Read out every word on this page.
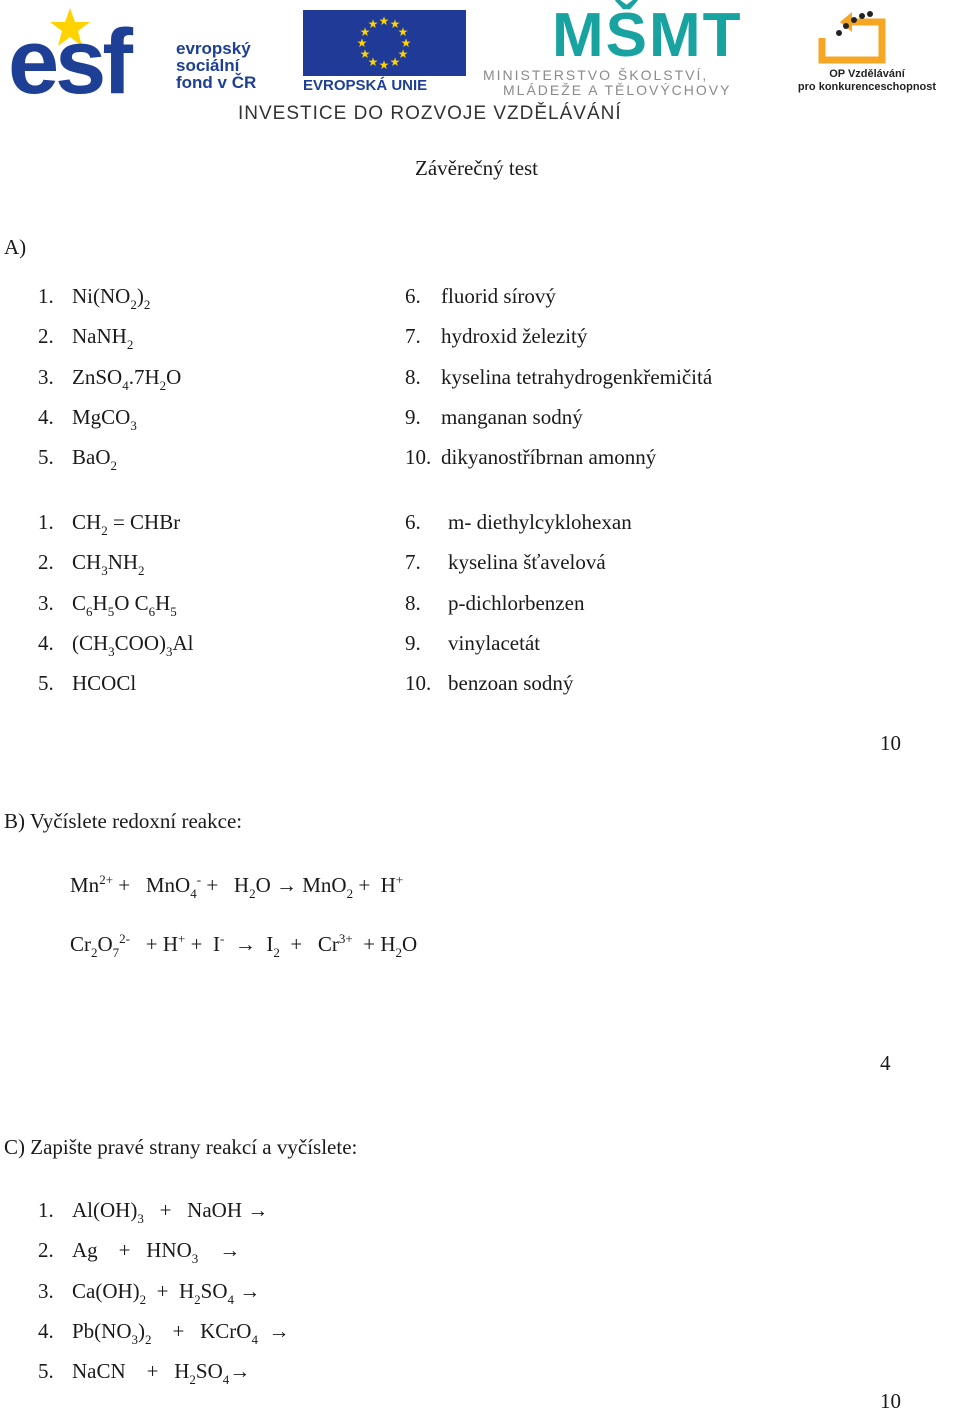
esf	evropský
sociální
fond v ČR
★ ★
★
★
★
★
★
★
★
★
★
★
EVROPSKÁ UNIE
MŠMT
MINISTERSTVO ŠKOLSTVÍ,
MLÁDEŽE A TĚLOVÝCHOVY
OP Vzdělávání
pro konkurenceschopnost
INVESTICE DO ROZVOJE VZDĚLÁVÁNÍ
Závěrečný test
A)
1. $Ni(NO_2)_2$
2. NaNH$_2$
3. $ZnSO_4.7H_2O$
4. MgCO$_3$
5. BaO$_2$
6. fluorid sírový
7. hydroxid železitý
8. kyselina tetrahydrogenkřemičitá
9. manganan sodný
10. dikyanostříbrnan amonný
1. $CH_2$ = CHBr
2. $CH_3NH_2$
3. $C_6H_5O$ $C_6H_5$
4. $(CH_3COO)_3Al$
5. HCOCl
6. m- diethylcyklohexan
7. kyselina šťavelová
8. p-dichlorbenzen
9. vinylacetát
10. benzoan sodný
10
B) Vyčíslete redoxní reakce:
$Mn^{2+} + MnO_4^- + H_2O \to MnO_2 + H^+$
$Cr_2O_7^{2-} + H^+ + I^- \to I_2 + Cr^{3+} + H_2O$
4
C) Zapište pravé strany reakcí a vyčíslete:
1. $Al(OH)_3$   +   NaOH →
2. Ag    +   $HNO_3$    →
3. $Ca(OH)_2 + H_2SO_4$ →
4. $Pb(NO_3)_2$    +   KCrO$_4$  →
5. NaCN    +   $H_2SO_4\to$
10
